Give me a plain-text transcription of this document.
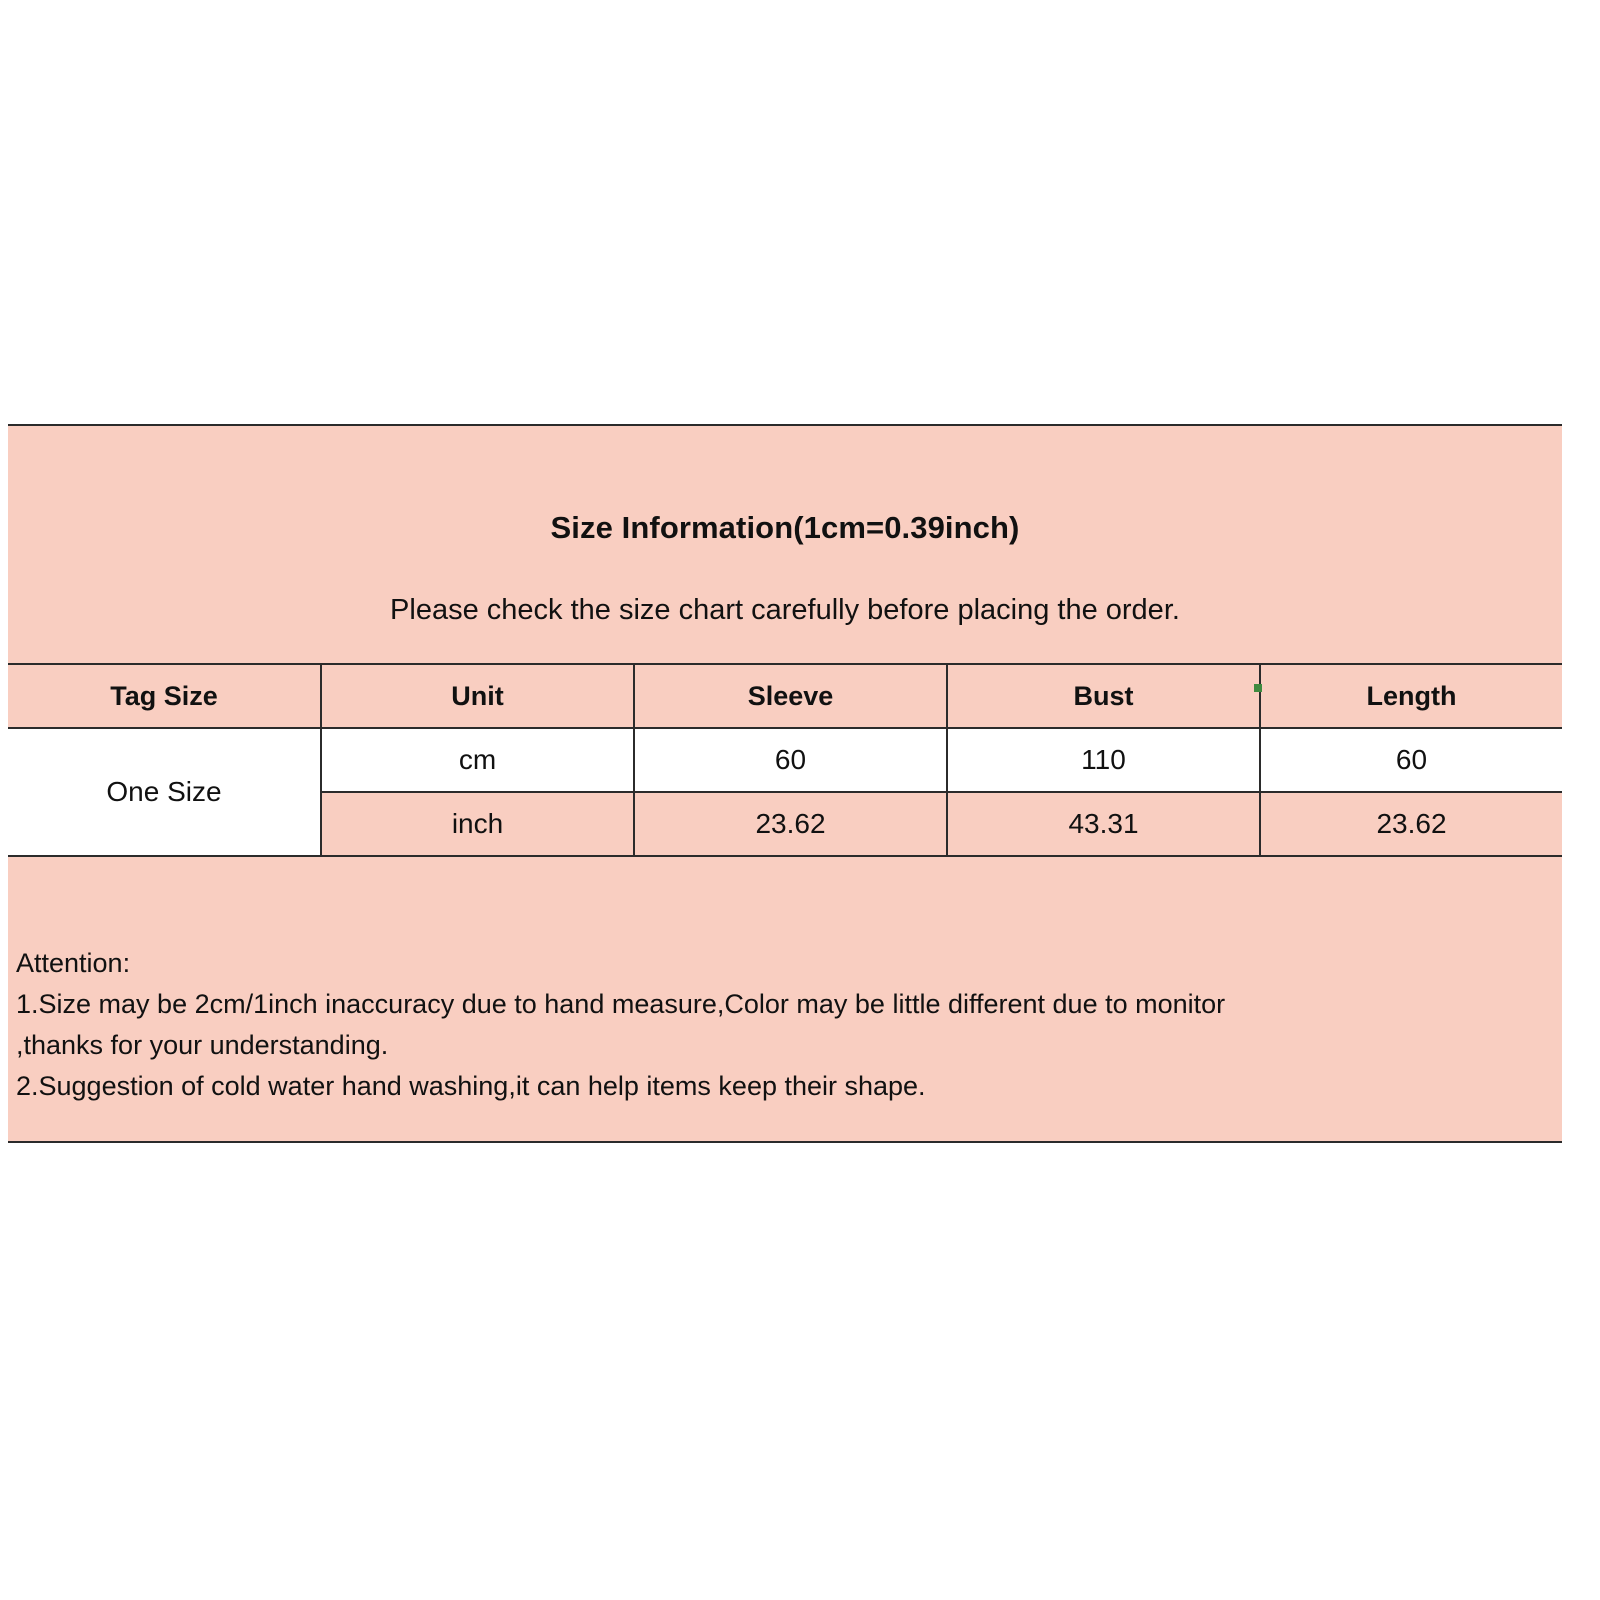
Size Information(1cm=0.39inch)
Please check the size chart carefully before placing the order.
Tag Size	Unit	Sleeve	Bust	Length
One Size	cm	60	110	60
	inch	23.62	43.31	23.62
Attention:
1.Size may be 2cm/1inch inaccuracy due to hand measure,Color may be little different due to monitor
,thanks for your understanding.
2.Suggestion of cold water hand washing,it can help items keep their shape.
